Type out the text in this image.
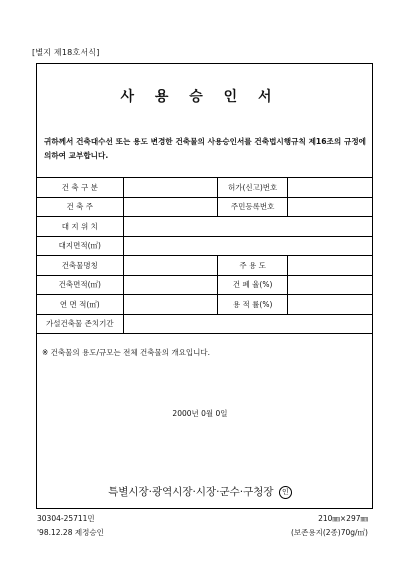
[별지 제18호서식]
사 용 승 인 서
귀하께서 건축대수선 또는 용도 변경한 건축물의 사용승인서를 건축법시행규칙 제16조의 규정에 의하여 교부합니다.
건 축 구 분		허가(신고)번호	
건 축 주		주민등록번호	
대 지 위 치			
대지면적(㎡)			
건축물명칭		주 용 도	
건축면적(㎡)		건 폐 율(%)	
연 면 적(㎡)		용 적 률(%)	
가설건축물 존치기간			
※ 건축물의 용도/규모는 전체 건축물의 개요입니다.
2000년 0월 0일
특별시장·광역시장·시장·군수·구청장 인
30304-25711민
'98.12.28 제정승인
210㎜×297㎜
(보존용지(2종)70g/㎡)
